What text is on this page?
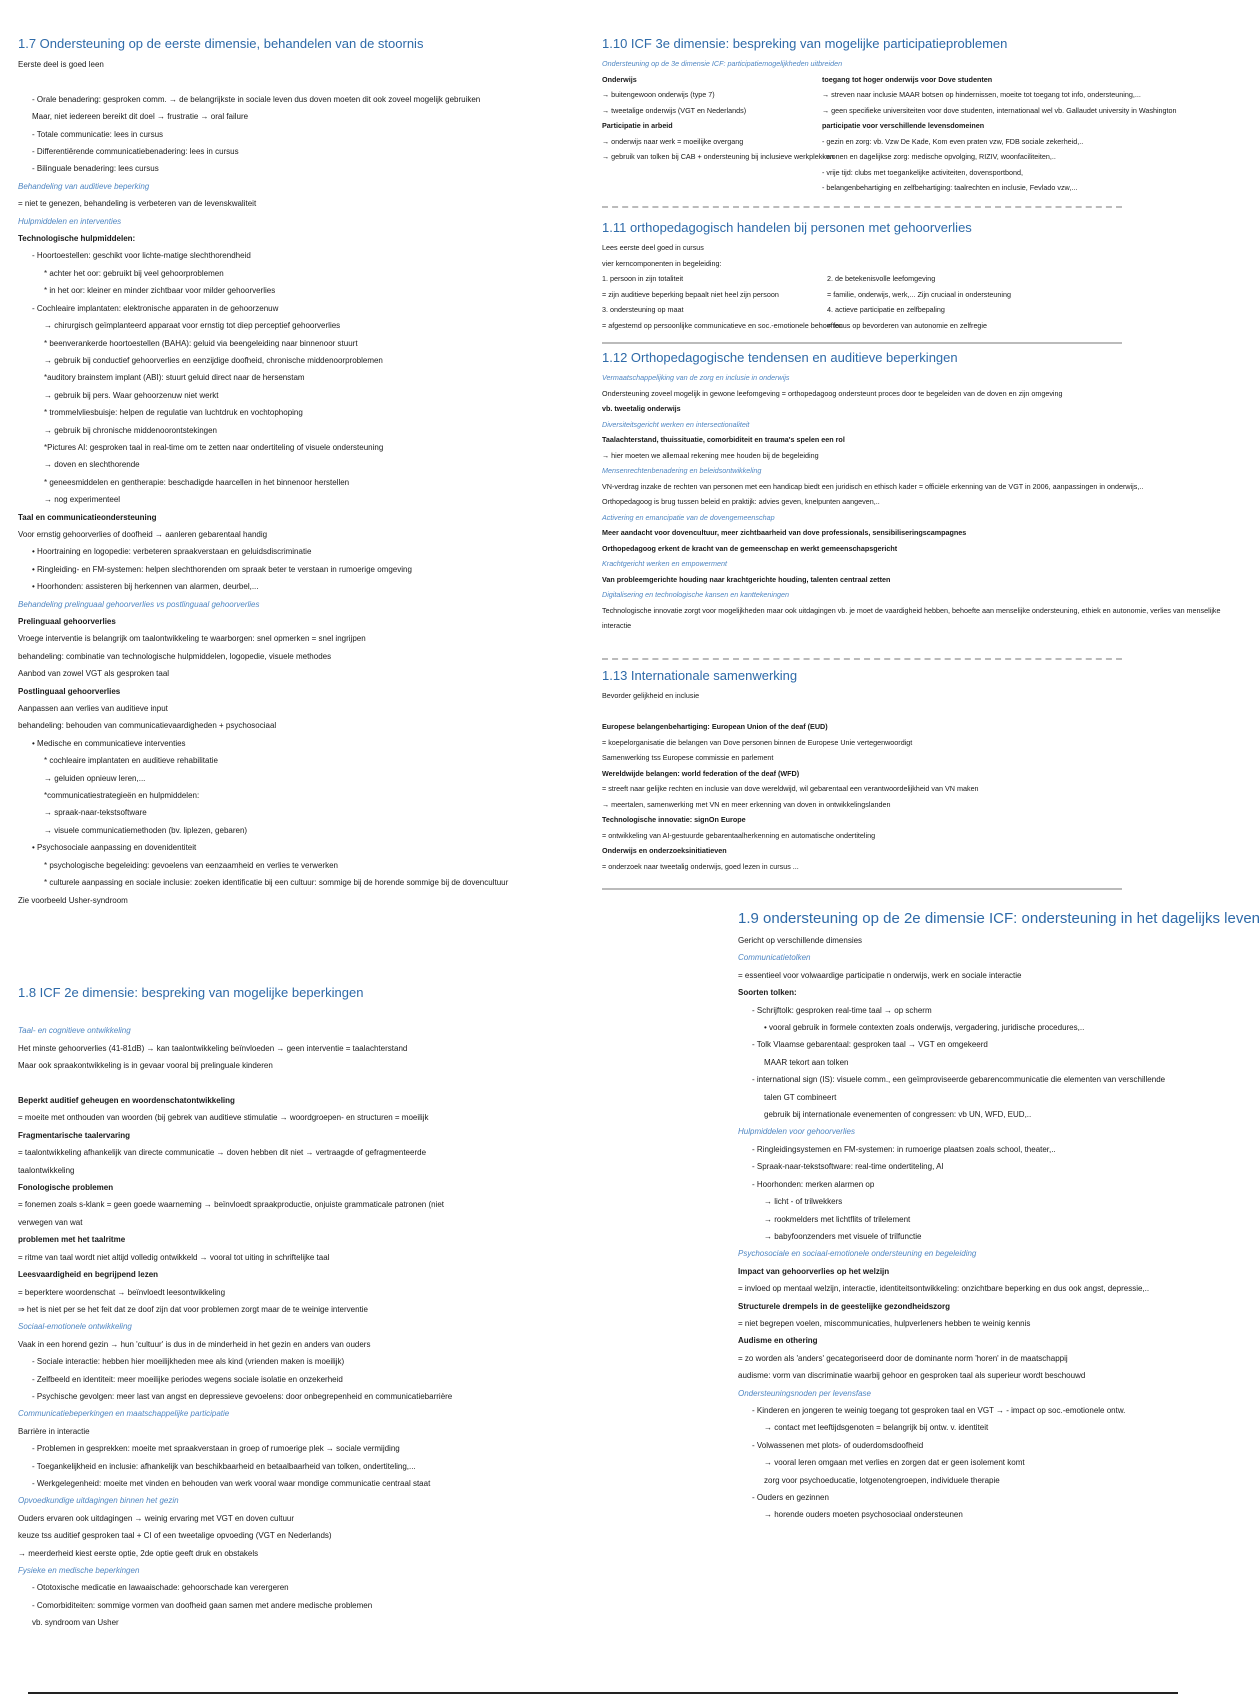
1.7 Ondersteuning op de eerste dimensie, behandelen van de stoornis
Eerste deel is goed leen

- Orale benadering: gesproken comm. → de belangrijkste in sociale leven dus doven moeten dit ook zoveel mogelijk gebruiken
Maar, niet iedereen bereikt dit doel → frustratie → oral failure
- Totale communicatie: lees in cursus
- Differentiërende communicatiebenadering: lees in cursus
- Bilinguale benadering: lees cursus
Behandeling van auditieve beperking
= niet te genezen, behandeling is verbeteren van de levenskwaliteit
Hulpmiddelen en interventies
Technologische hulpmiddelen:
- Hoortoestellen: geschikt voor lichte-matige slechthorendheid
* achter het oor: gebruikt bij veel gehoorproblemen
* in het oor: kleiner en minder zichtbaar voor milder gehoorverlies
- Cochleaire implantaten: elektronische apparaten in de gehoorzenuw
→ chirurgisch geïmplanteerd apparaat voor ernstig tot diep perceptief gehoorverlies
* beenverankerde hoortoestellen (BAHA): geluid via beengeleiding naar binnenoor stuurt
→ gebruik bij conductief gehoorverlies en eenzijdige doofheid, chronische middenoorproblemen
*auditory brainstem implant (ABI): stuurt geluid direct naar de hersenstam
→ gebruik bij pers. Waar gehoorzenuw niet werkt
* trommelvliesbuisje: helpen de regulatie van luchtdruk en vochtophoping
→ gebruik bij chronische middenoorontstekingen
*Pictures AI: gesproken taal in real-time om te zetten naar ondertiteling of visuele ondersteuning
→ doven en slechthorende
* geneesmiddelen en gentherapie: beschadigde haarcellen in het binnenoor herstellen
→ nog experimenteel
Taal en communicatieondersteuning
Voor ernstig gehoorverlies of doofheid → aanleren gebarentaal handig
• Hoortraining en logopedie: verbeteren spraakverstaan en geluidsdiscriminatie
• Ringleiding- en FM-systemen: helpen slechthorenden om spraak beter te verstaan in rumoerige omgeving
• Hoorhonden: assisteren bij herkennen van alarmen, deurbel,...
Behandeling prelinguaal gehoorverlies vs postlinguaal gehoorverlies
Prelinguaal gehoorverlies
Vroege interventie is belangrijk om taalontwikkeling te waarborgen: snel opmerken = snel ingrijpen
behandeling: combinatie van technologische hulpmiddelen, logopedie, visuele methodes
Aanbod van zowel VGT als gesproken taal
Postlinguaal gehoorverlies
Aanpassen aan verlies van auditieve input
behandeling: behouden van communicatievaardigheden + psychosociaal
• Medische en communicatieve interventies
* cochleaire implantaten en auditieve rehabilitatie
→ geluiden opnieuw leren,...
*communicatiestrategieën en hulpmiddelen:
→ spraak-naar-tekstsoftware
→ visuele communicatiemethoden (bv. liplezen, gebaren)
• Psychosociale aanpassing en dovenidentiteit
* psychologische begeleiding: gevoelens van eenzaamheid en verlies te verwerken
* culturele aanpassing en sociale inclusie: zoeken identificatie bij een cultuur: sommige bij de horende sommige bij de dovencultuur
Zie voorbeeld Usher-syndroom
1.8 ICF 2e dimensie: bespreking van mogelijke beperkingen

Taal- en cognitieve ontwikkeling
Het minste gehoorverlies (41-81dB) → kan taalontwikkeling beïnvloeden → geen interventie = taalachterstand
Maar ook spraakontwikkeling is in gevaar vooral bij prelinguale kinderen

Beperkt auditief geheugen en woordenschatontwikkeling
= moeite met onthouden van woorden (bij gebrek van auditieve stimulatie → woordgroepen- en structuren = moeilijk
Fragmentarische taalervaring
= taalontwikkeling afhankelijk van directe communicatie → doven hebben dit niet → vertraagde of gefragmenteerde
taalontwikkeling
Fonologische problemen
= fonemen zoals s-klank = geen goede waarneming → beïnvloedt spraakproductie, onjuiste grammaticale patronen (niet
verwegen van wat
problemen met het taalritme
= ritme van taal wordt niet altijd volledig ontwikkeld → vooral tot uiting in schriftelijke taal
Leesvaardigheid en begrijpend lezen
= beperktere woordenschat → beïnvloedt leesontwikkeling
⇒ het is niet per se het feit dat ze doof zijn dat voor problemen zorgt maar de te weinige interventie
Sociaal-emotionele ontwikkeling
Vaak in een horend gezin → hun 'cultuur' is dus in de minderheid in het gezin en anders van ouders
- Sociale interactie: hebben hier moeilijkheden mee als kind (vrienden maken is moeilijk)
- Zelfbeeld en identiteit: meer moeilijke periodes wegens sociale isolatie en onzekerheid
- Psychische gevolgen: meer last van angst en depressieve gevoelens: door onbegrepenheid en communicatiebarrière
Communicatiebeperkingen en maatschappelijke participatie
Barrière in interactie
- Problemen in gesprekken: moeite met spraakverstaan in groep of rumoerige plek → sociale vermijding
- Toegankelijkheid en inclusie: afhankelijk van beschikbaarheid en betaalbaarheid van tolken, ondertiteling,...
- Werkgelegenheid: moeite met vinden en behouden van werk vooral waar mondige communicatie centraal staat
Opvoedkundige uitdagingen binnen het gezin
Ouders ervaren ook uitdagingen → weinig ervaring met VGT en doven cultuur
keuze tss auditief gesproken taal + CI of een tweetalige opvoeding (VGT en Nederlands)
→ meerderheid kiest eerste optie, 2de optie geeft druk en obstakels
Fysieke en medische beperkingen
- Ototoxische medicatie en lawaaischade: gehoorschade kan verergeren
- Comorbiditeiten: sommige vormen van doofheid gaan samen met andere medische problemen
vb. syndroom van Usher
1.10 ICF 3e dimensie: bespreking van mogelijke participatieproblemen
Ondersteuning op de 3e dimensie ICF: participatiemogelijkheden uitbreiden
Onderwijs
→ buitengewoon onderwijs (type 7)
→ tweetalige onderwijs (VGT en Nederlands)
Participatie in arbeid
→ onderwijs naar werk = moeilijke overgang
→ gebruik van tolken bij CAB + ondersteuning bij inclusieve werkplekken
toegang tot hoger onderwijs voor Dove studenten
→ streven naar inclusie MAAR botsen op hindernissen, moeite tot toegang tot info, ondersteuning,...
→ geen specifieke universiteiten voor dove studenten, internationaal wel vb. Gallaudet university in Washington
participatie voor verschillende levensdomeinen
- gezin en zorg: vb. Vzw De Kade, Kom even praten vzw, FDB sociale zekerheid,..
- wonen en dagelijkse zorg: medische opvolging, RIZIV, woonfaciliteiten,..
- vrije tijd: clubs met toegankelijke activiteiten, dovensportbond,
- belangenbehartiging en zelfbehartiging: taalrechten en inclusie, Fevlado vzw,...
1.11 orthopedagogisch handelen bij personen met gehoorverlies
Lees eerste deel goed in cursus
vier kerncomponenten in begeleiding:
1. persoon in zijn totaliteit
= zijn auditieve beperking bepaalt niet heel zijn persoon
3. ondersteuning op maat
= afgestemd op persoonlijke communicatieve en soc.-emotionele behoeften
2. de betekenisvolle leefomgeving
= familie, onderwijs, werk,... Zijn cruciaal in ondersteuning
4. actieve participatie en zelfbepaling
= focus op bevorderen van autonomie en zelfregie
1.12 Orthopedagogische tendensen en auditieve beperkingen
Vermaatschappelijking van de zorg en inclusie in onderwijs
Ondersteuning zoveel mogelijk in gewone leefomgeving = orthopedagoog ondersteunt proces door te begeleiden van de doven en zijn omgeving
vb. tweetalig onderwijs
Diversiteitsgericht werken en intersectionaliteit
Taalachterstand, thuissituatie, comorbiditeit en trauma's spelen een rol
→ hier moeten we allemaal rekening mee houden bij de begeleiding
Mensenrechtenbenadering en beleidsontwikkeling
VN-verdrag inzake de rechten van personen met een handicap biedt een juridisch en ethisch kader = officiële erkenning van de VGT in 2006, aanpassingen in onderwijs,..
Orthopedagoog is brug tussen beleid en praktijk: advies geven, knelpunten aangeven,..
Activering en emancipatie van de dovengemeenschap
Meer aandacht voor dovencultuur, meer zichtbaarheid van dove professionals, sensibiliseringscampagnes
Orthopedagoog erkent de kracht van de gemeenschap en werkt gemeenschapsgericht
Krachtgericht werken en empowerment
Van probleemgerichte houding naar krachtgerichte houding, talenten centraal zetten
Digitalisering en technologische kansen en kanttekeningen
Technologische innovatie zorgt voor mogelijkheden maar ook uitdagingen vb. je moet de vaardigheid hebben, behoefte aan menselijke ondersteuning, ethiek en autonomie, verlies van menselijke
interactie
1.13 Internationale samenwerking
Bevorder gelijkheid en inclusie

Europese belangenbehartiging: European Union of the deaf (EUD)
= koepelorganisatie die belangen van Dove personen binnen de Europese Unie vertegenwoordigt
Samenwerking tss Europese commissie en parlement
Wereldwijde belangen: world federation of the deaf (WFD)
= streeft naar gelijke rechten en inclusie van dove wereldwijd, wil gebarentaal een verantwoordelijkheid van VN maken
→ meertalen, samenwerking met VN en meer erkenning van doven in ontwikkelingslanden
Technologische innovatie: signOn Europe
= ontwikkeling van AI-gestuurde gebarentaalherkenning en automatische ondertiteling
Onderwijs en onderzoeksinitiatieven
= onderzoek naar tweetalig onderwijs, goed lezen in cursus ...
1.9 ondersteuning op de 2e dimensie ICF: ondersteuning in het dagelijks leven
Gericht op verschillende dimensies
Communicatietolken
= essentieel voor volwaardige participatie n onderwijs, werk en sociale interactie
Soorten tolken:
- Schrijftolk: gesproken real-time taal → op scherm
• vooral gebruik in formele contexten zoals onderwijs, vergadering, juridische procedures,..
- Tolk Vlaamse gebarentaal: gesproken taal → VGT en omgekeerd
MAAR tekort aan tolken
- international sign (IS): visuele comm., een geïmproviseerde gebarencommunicatie die elementen van verschillende
talen GT combineert
gebruik bij internationale evenementen of congressen: vb UN, WFD, EUD,..
Hulpmiddelen voor gehoorverlies
- Ringleidingsystemen en FM-systemen: in rumoerige plaatsen zoals school, theater,..
- Spraak-naar-tekstsoftware: real-time ondertiteling, AI
- Hoorhonden: merken alarmen op
→ licht - of trilwekkers
→ rookmelders met lichtflits of trilelement
→ babyfoonzenders met visuele of trilfunctie
Psychosociale en sociaal-emotionele ondersteuning en begeleiding
Impact van gehoorverlies op het welzijn
= invloed op mentaal welzijn, interactie, identiteitsontwikkeling: onzichtbare beperking en dus ook angst, depressie,..
Structurele drempels in de geestelijke gezondheidszorg
= niet begrepen voelen, miscommunicaties, hulpverleners hebben te weinig kennis
Audisme en othering
= zo worden als 'anders' gecategoriseerd door de dominante norm 'horen' in de maatschappij
audisme: vorm van discriminatie waarbij gehoor en gesproken taal als superieur wordt beschouwd
Ondersteuningsnoden per levensfase
- Kinderen en jongeren te weinig toegang tot gesproken taal en VGT → - impact op soc.-emotionele ontw.
→ contact met leeftijdsgenoten = belangrijk bij ontw. v. identiteit
- Volwassenen met plots- of ouderdomsdoofheid
→ vooral leren omgaan met verlies en zorgen dat er geen isolement komt
zorg voor psychoeducatie, lotgenotengroepen, individuele therapie
- Ouders en gezinnen
→ horende ouders moeten psychosociaal ondersteunen
